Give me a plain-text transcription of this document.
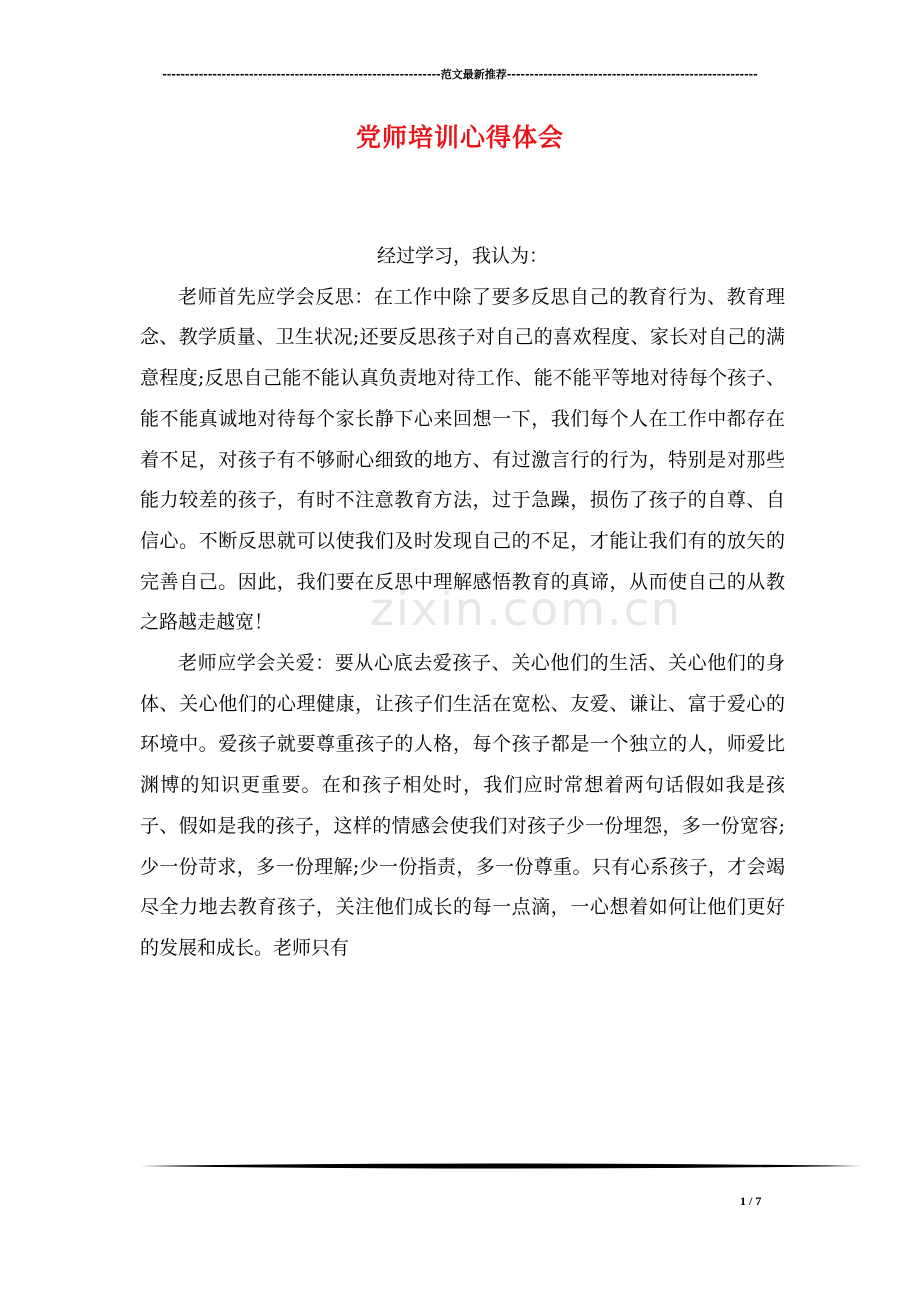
-------------------------------------------------------------范文最新推荐-------------------------------------------------------
党师培训心得体会

经过学习，我认为：

老师首先应学会反思：在工作中除了要多反思自己的教育行为、教育理念、教学质量、卫生状况;还要反思孩子对自己的喜欢程度、家长对自己的满意程度;反思自己能不能认真负责地对待工作、能不能平等地对待每个孩子、能不能真诚地对待每个家长静下心来回想一下，我们每个人在工作中都存在着不足，对孩子有不够耐心细致的地方、有过激言行的行为，特别是对那些能力较差的孩子，有时不注意教育方法，过于急躁，损伤了孩子的自尊、自信心。不断反思就可以使我们及时发现自己的不足，才能让我们有的放矢的完善自己。因此，我们要在反思中理解感悟教育的真谛，从而使自己的从教之路越走越宽！

老师应学会关爱：要从心底去爱孩子、关心他们的生活、关心他们的身体、关心他们的心理健康，让孩子们生活在宽松、友爱、谦让、富于爱心的环境中。爱孩子就要尊重孩子的人格，每个孩子都是一个独立的人，师爱比渊博的知识更重要。在和孩子相处时，我们应时常想着两句话假如我是孩子、假如是我的孩子，这样的情感会使我们对孩子少一份埋怨，多一份宽容;少一份苛求，多一份理解;少一份指责，多一份尊重。只有心系孩子，才会竭尽全力地去教育孩子，关注他们成长的每一点滴，一心想着如何让他们更好的发展和成长。老师只有

zixin.com.cn
1 / 7
